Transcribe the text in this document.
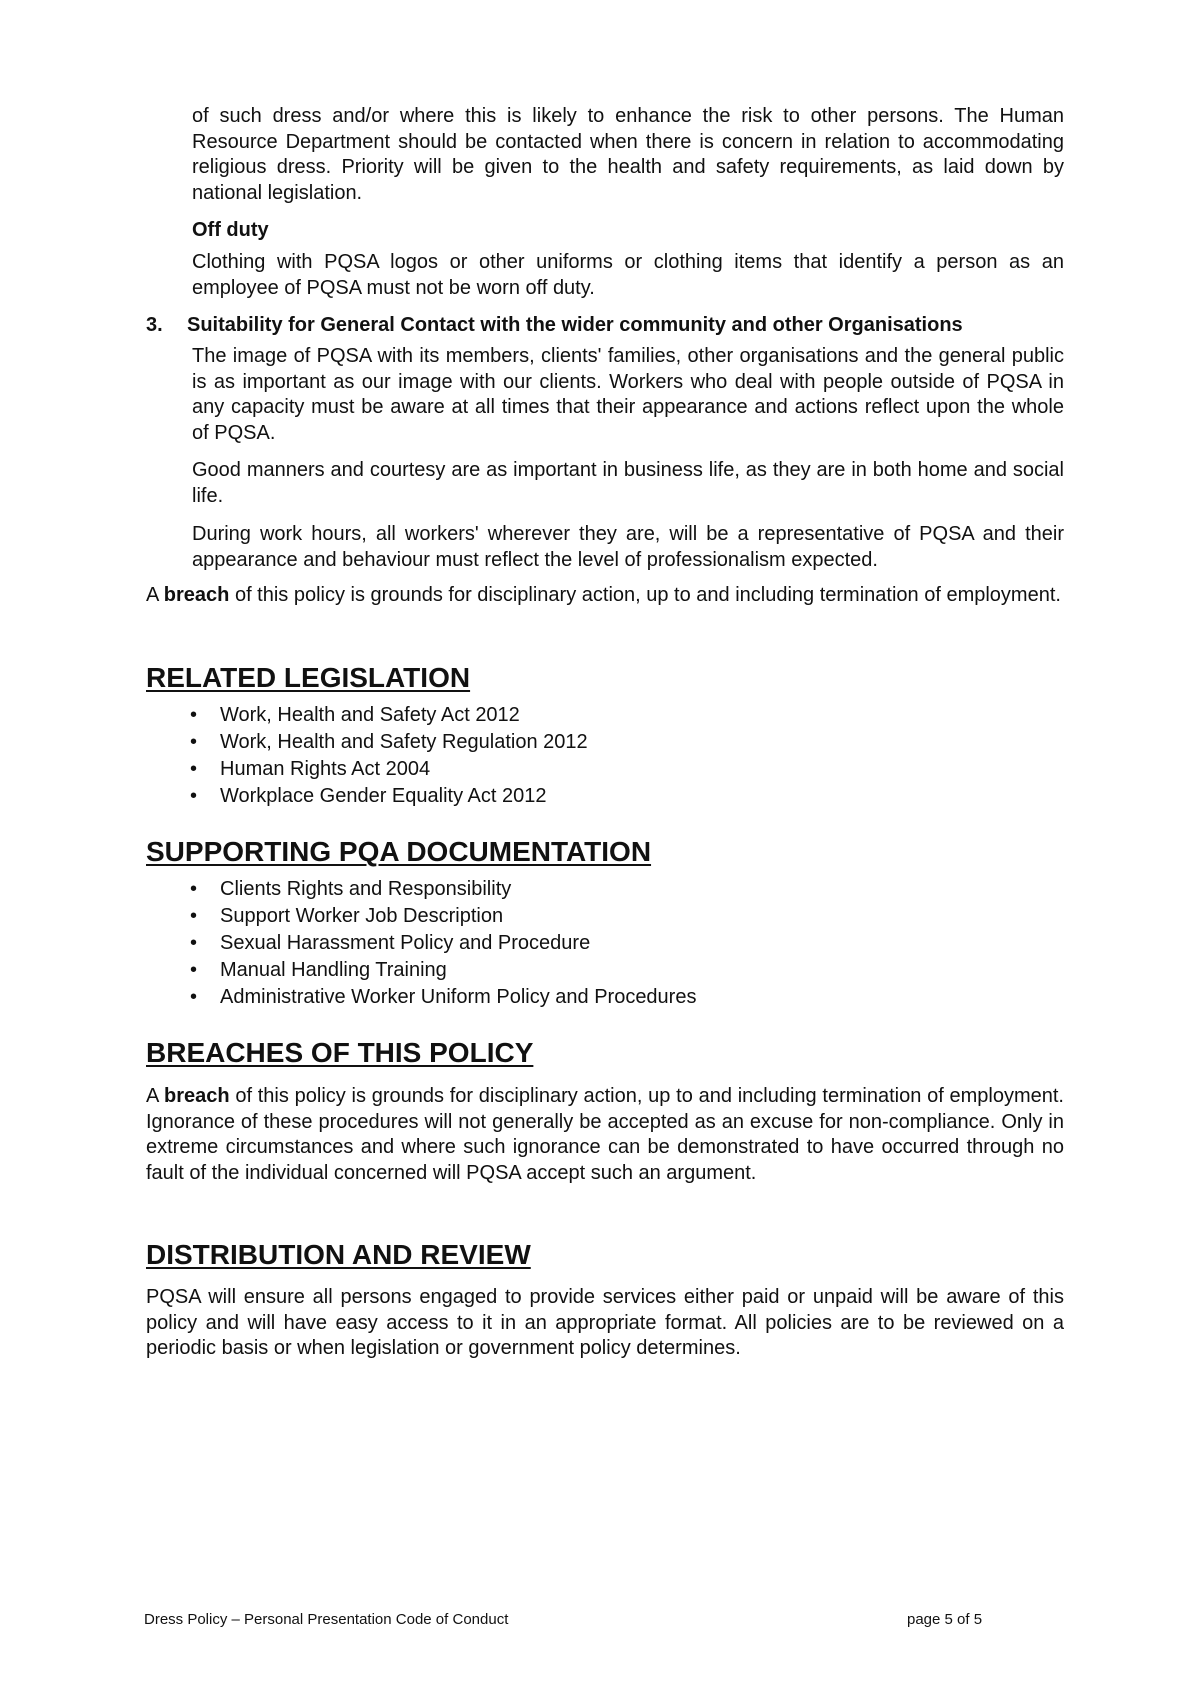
of such dress and/or where this is likely to enhance the risk to other persons. The Human Resource Department should be contacted when there is concern in relation to accommodating religious dress. Priority will be given to the health and safety requirements, as laid down by national legislation.

Off duty

Clothing with PQSA logos or other uniforms or clothing items that identify a person as an employee of PQSA must not be worn off duty.

3. Suitability for General Contact with the wider community and other Organisations

The image of PQSA with its members, clients' families, other organisations and the general public is as important as our image with our clients. Workers who deal with people outside of PQSA in any capacity must be aware at all times that their appearance and actions reflect upon the whole of PQSA.

Good manners and courtesy are as important in business life, as they are in both home and social life.

During work hours, all workers' wherever they are, will be a representative of PQSA and their appearance and behaviour must reflect the level of professionalism expected.

A breach of this policy is grounds for disciplinary action, up to and including termination of employment.

RELATED LEGISLATION
• Work, Health and Safety Act 2012
• Work, Health and Safety Regulation 2012
• Human Rights Act 2004
• Workplace Gender Equality Act 2012
SUPPORTING PQA DOCUMENTATION
• Clients Rights and Responsibility
• Support Worker Job Description
• Sexual Harassment Policy and Procedure
• Manual Handling Training
• Administrative Worker Uniform Policy and Procedures
BREACHES OF THIS POLICY

A breach of this policy is grounds for disciplinary action, up to and including termination of employment. Ignorance of these procedures will not generally be accepted as an excuse for non-compliance. Only in extreme circumstances and where such ignorance can be demonstrated to have occurred through no fault of the individual concerned will PQSA accept such an argument.

DISTRIBUTION AND REVIEW

PQSA will ensure all persons engaged to provide services either paid or unpaid will be aware of this policy and will have easy access to it in an appropriate format. All policies are to be reviewed on a periodic basis or when legislation or government policy determines.

Dress Policy – Personal Presentation Code of Conduct	page 5 of 5
